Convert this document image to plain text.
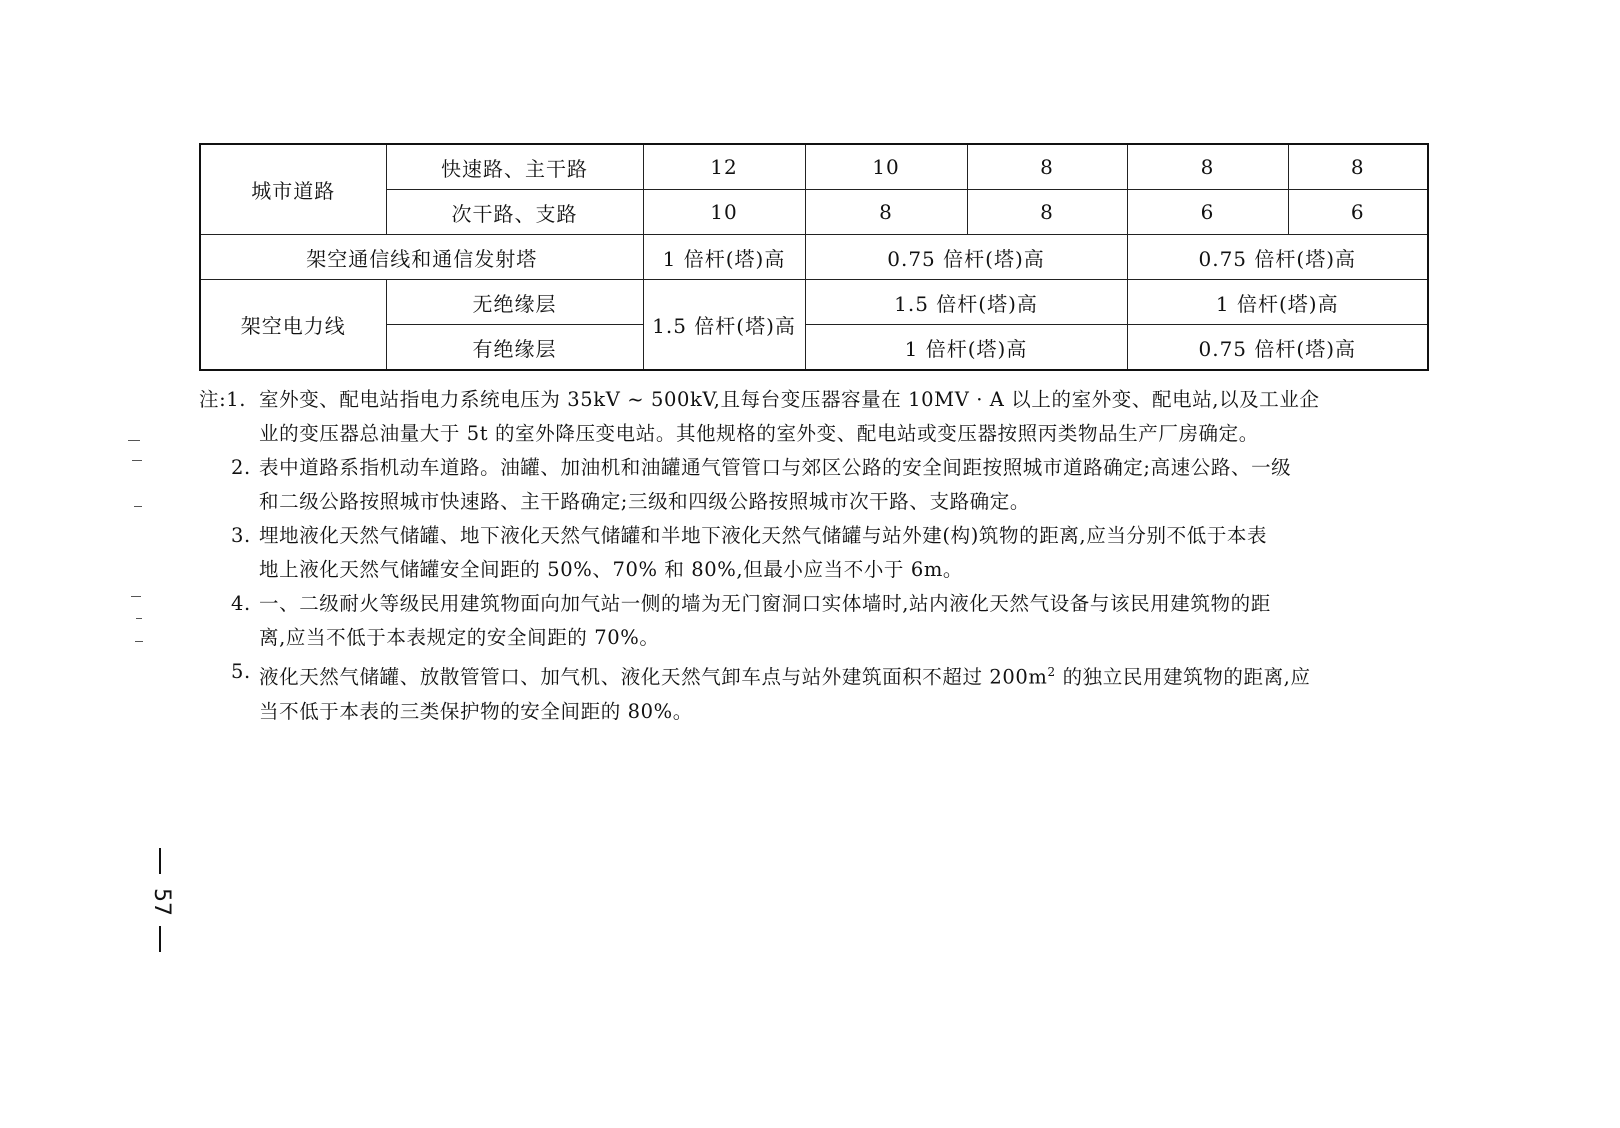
城市道路	快速路、主干路	12	10	8	8	8
	次干路、支路	10	8	8	6	6
架空通信线和通信发射塔		1 倍杆(塔)高	0.75 倍杆(塔)高		0.75 倍杆(塔)高	
架空电力线	无绝缘层	1.5 倍杆(塔)高	1.5 倍杆(塔)高		1 倍杆(塔)高	
	有绝缘层		1 倍杆(塔)高		0.75 倍杆(塔)高	
注:1. 室外变、配电站指电力系统电压为 35kV ~ 500kV,且每台变压器容量在 10MV · A 以上的室外变、配电站,以及工业企
业的变压器总油量大于 5t 的室外降压变电站。其他规格的室外变、配电站或变压器按照丙类物品生产厂房确定。
2. 表中道路系指机动车道路。油罐、加油机和油罐通气管管口与郊区公路的安全间距按照城市道路确定;高速公路、一级
和二级公路按照城市快速路、主干路确定;三级和四级公路按照城市次干路、支路确定。
3. 埋地液化天然气储罐、地下液化天然气储罐和半地下液化天然气储罐与站外建(构)筑物的距离,应当分别不低于本表
地上液化天然气储罐安全间距的 50%、70% 和 80%,但最小应当不小于 6m。
4. 一、二级耐火等级民用建筑物面向加气站一侧的墙为无门窗洞口实体墙时,站内液化天然气设备与该民用建筑物的距
离,应当不低于本表规定的安全间距的 70%。
5. 液化天然气储罐、放散管管口、加气机、液化天然气卸车点与站外建筑面积不超过 $200m^2$ 的独立民用建筑物的距离,应
当不低于本表的三类保护物的安全间距的 80%。
57
